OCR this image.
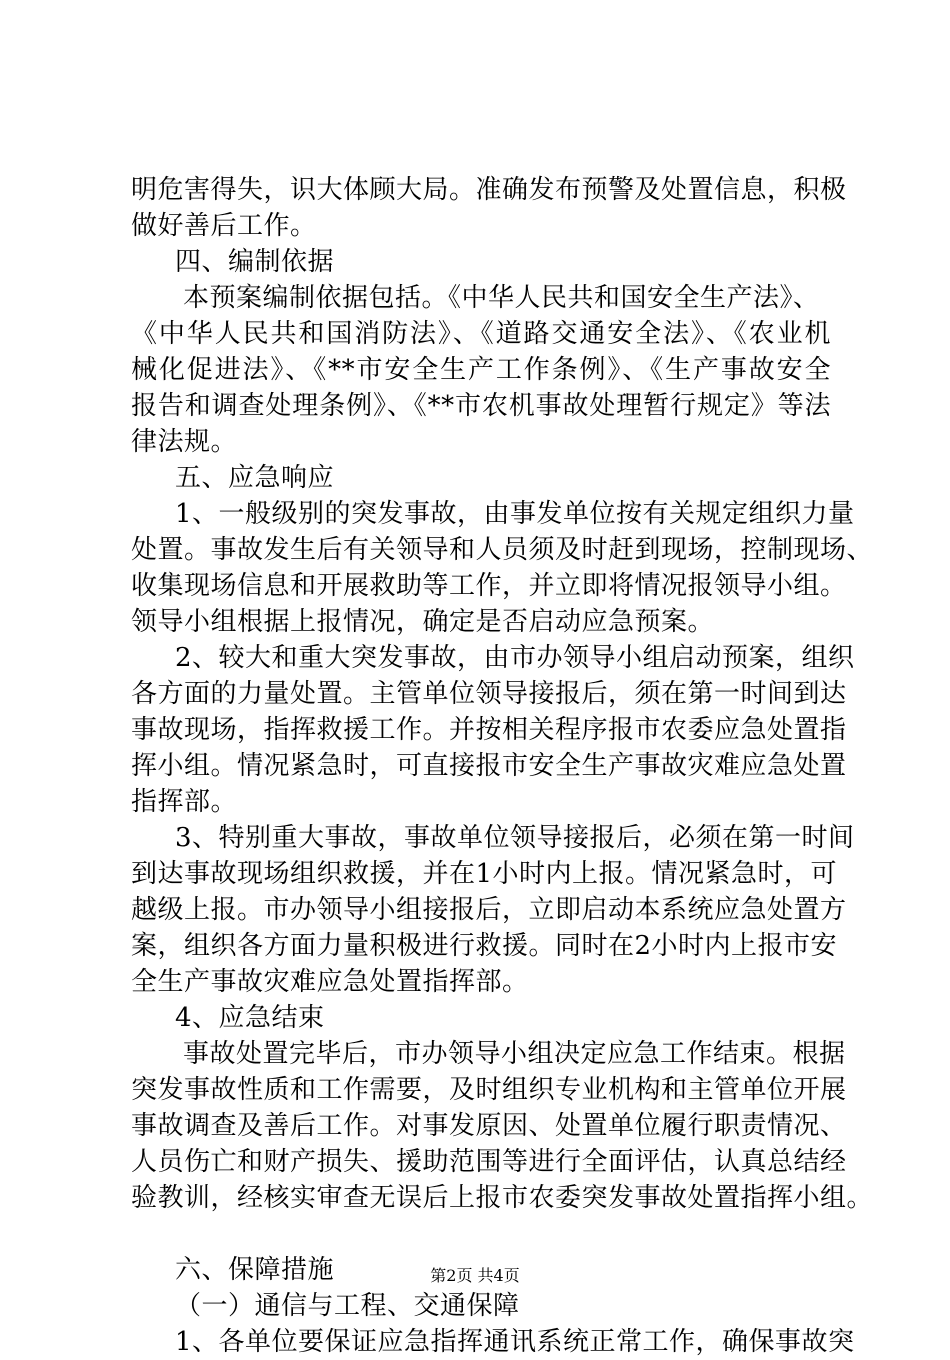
明危害得失，识大体顾大局。准确发布预警及处置信息，积极
做好善后工作。
四、编制依据
本预案编制依据包括。《中华人民共和国安全生产法》、
《中华人民共和国消防法》、《道路交通安全法》、《农业机
械化促进法》、《**市安全生产工作条例》、《生产事故安全
报告和调查处理条例》、《**市农机事故处理暂行规定》等法
律法规。
五、应急响应
1、一般级别的突发事故，由事发单位按有关规定组织力量
处置。事故发生后有关领导和人员须及时赶到现场，控制现场、
收集现场信息和开展救助等工作，并立即将情况报领导小组。
领导小组根据上报情况，确定是否启动应急预案。
2、较大和重大突发事故，由市办领导小组启动预案，组织
各方面的力量处置。主管单位领导接报后，须在第一时间到达
事故现场，指挥救援工作。并按相关程序报市农委应急处置指
挥小组。情况紧急时，可直接报市安全生产事故灾难应急处置
指挥部。
3、特别重大事故，事故单位领导接报后，必须在第一时间
到达事故现场组织救援，并在1小时内上报。情况紧急时，可
越级上报。市办领导小组接报后，立即启动本系统应急处置方
案，组织各方面力量积极进行救援。同时在2小时内上报市安
全生产事故灾难应急处置指挥部。
4、应急结束
事故处置完毕后，市办领导小组决定应急工作结束。根据
突发事故性质和工作需要，及时组织专业机构和主管单位开展
事故调查及善后工作。对事发原因、处置单位履行职责情况、
人员伤亡和财产损失、援助范围等进行全面评估，认真总结经
验教训，经核实审查无误后上报市农委突发事故处置指挥小组。
六、保障措施
（一）通信与工程、交通保障
1、各单位要保证应急指挥通讯系统正常工作，确保事故突
第2页 共4页
